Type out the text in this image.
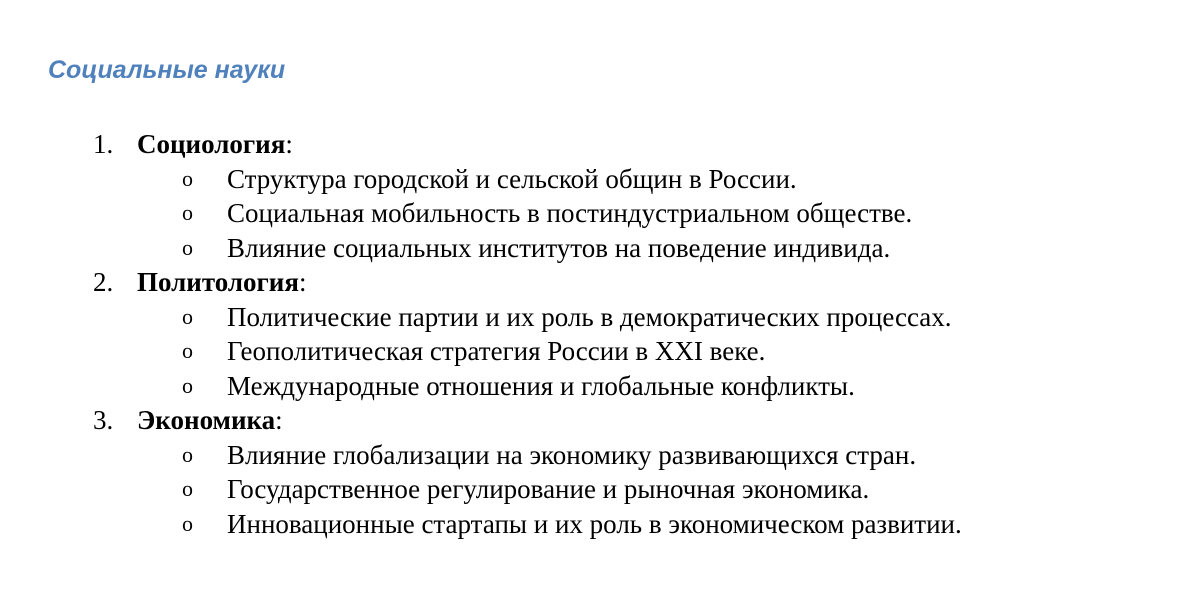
Социальные науки
1. Социология:
o Структура городской и сельской общин в России.
o Социальная мобильность в постиндустриальном обществе.
o Влияние социальных институтов на поведение индивида.
2. Политология:
o Политические партии и их роль в демократических процессах.
o Геополитическая стратегия России в XXI веке.
o Международные отношения и глобальные конфликты.
3. Экономика:
o Влияние глобализации на экономику развивающихся стран.
o Государственное регулирование и рыночная экономика.
o Инновационные стартапы и их роль в экономическом развитии.
